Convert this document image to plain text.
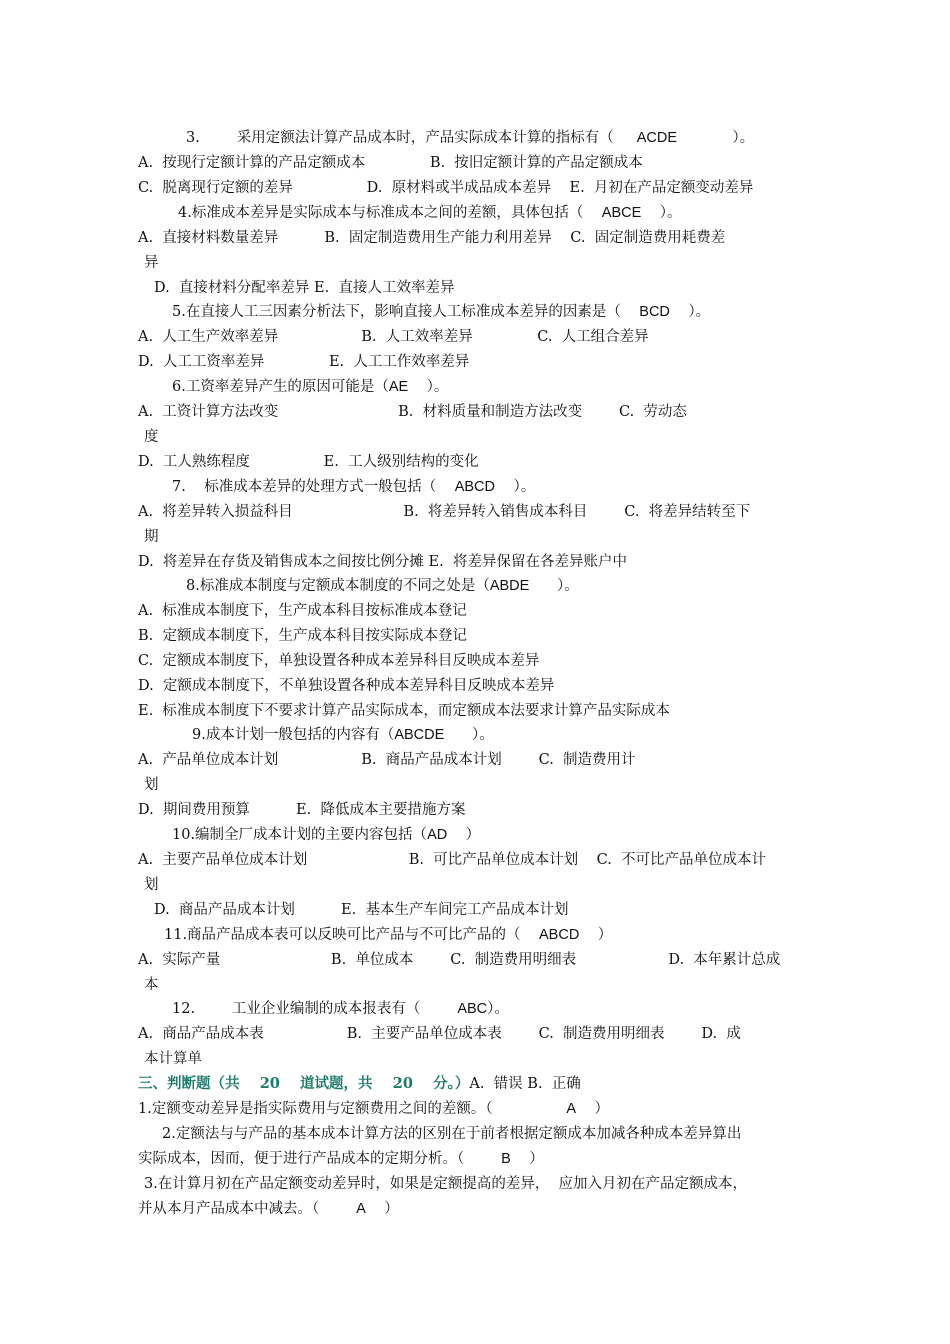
3.        采用定额法计算产品成本时，产品实际成本计算的指标有（     ACDE            ）。
A.  按现行定额计算的产品定额成本              B.  按旧定额计算的产品定额成本
C.  脱离现行定额的差异                D.  原材料或半成品成本差异    E.  月初在产品定额变动差异
4.标准成本差异是实际成本与标准成本之间的差额，具体包括（    ABCE    ）。
A.  直接材料数量差异          B.  固定制造费用生产能力利用差异    C.  固定制造费用耗费差
异
D.  直接材料分配率差异 E.  直接人工效率差异
5.在直接人工三因素分析法下，影响直接人工标准成本差异的因素是（    BCD    ）。
A.  人工生产效率差异                  B.  人工效率差异              C.  人工组合差异
D.  人工工资率差异              E.  人工工作效率差异
6.工资率差异产生的原因可能是（AE    ）。
A.  工资计算方法改变                          B.  材料质量和制造方法改变        C.  劳动态
度
D.  工人熟练程度                E.  工人级别结构的变化
7.    标准成本差异的处理方式一般包括（    ABCD    ）。
A.  将差异转入损益科目                        B.  将差异转入销售成本科目        C.  将差异结转至下
期
D.  将差异在存货及销售成本之间按比例分摊 E.  将差异保留在各差异账户中
8.标准成本制度与定额成本制度的不同之处是（ABDE      ）。
A.  标准成本制度下，生产成本科目按标准成本登记
B.  定额成本制度下，生产成本科目按实际成本登记
C.  定额成本制度下，单独设置各种成本差异科目反映成本差异
D.  定额成本制度下，不单独设置各种成本差异科目反映成本差异
E.  标准成本制度下不要求计算产品实际成本，而定额成本法要求计算产品实际成本
9.成本计划一般包括的内容有（ABCDE      ）。
A.  产品单位成本计划                  B.  商品产品成本计划        C.  制造费用计
划
D.  期间费用预算          E.  降低成本主要措施方案
10.编制全厂成本计划的主要内容包括（AD    ）
A.  主要产品单位成本计划                      B.  可比产品单位成本计划    C.  不可比产品单位成本计
划
D.  商品产品成本计划          E.  基本生产车间完工产品成本计划
11.商品产品成本表可以反映可比产品与不可比产品的（    ABCD    ）
A.  实际产量                        B.  单位成本        C.  制造费用明细表                    D.  本年累计总成
本
12.        工业企业编制的成本报表有（        ABC）。
A.  商品产品成本表                  B.  主要产品单位成本表        C.  制造费用明细表        D.  成
本计算单
三、判断题（共    20    道试题，共    20    分。）A.  错误 B.  正确
1.定额变动差异是指实际费用与定额费用之间的差额。（                A    ）
2.定额法与与产品的基本成本计算方法的区别在于前者根据定额成本加减各种成本差异算出
实际成本，因而，便于进行产品成本的定期分析。（        B    ）
3.在计算月初在产品定额变动差异时，如果是定额提高的差异，  应加入月初在产品定额成本，
并从本月产品成本中减去。（        A    ）
